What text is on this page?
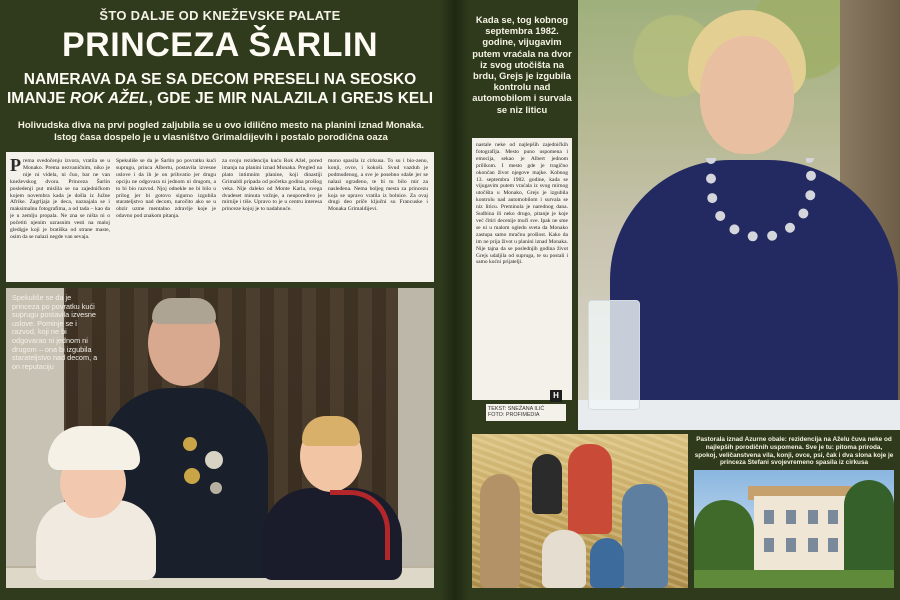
ŠTO DALJE OD KNEŽEVSKE PALATE
PRINCEZA ŠARLIN
NAMERAVA DA SE SA DECOM PRESELI NA SEOSKO
IMANJE ROK AŽEL, GDE JE MIR NALAZILA I GREJS KELI
Holivudska diva na prvi pogled zaljubila se u ovo idilično mesto na planini iznad Monaka. Istog časa dospelo je u vlasništvo Grimaldijevih i postalo porodična oaza
Prema svedočenju izvora, vratila se u Monako. Prema nezvaničnim, niko je nije ni videla, ni čuo, bar ne van kneževskog dvora. Princeza Šarlin posledenji put mislila se na zajedničkom kojem novembra kada je došla iz Južne Afrike. Zagrljaja je deca, naznajala se i maksimalnu fotografima, a od tada – kao da je u zemlju propala. Ne zna se ništa ni o početiti njenim uzrasnim vesti na maloj gledigje koji je bratiška od strane maste, osim da se nalazi negde van sevaja.
Spekuliše se da je Šarlin po povratku kući suprugu, princa Albertu, postavila izvesne uslove i da ih je on prihvatio jer drugu opciju ne odgovara ni jednom ni drugom, a to bi bio razvod. Njoj odnekle ne bi bilo u prilog jer bi gotovo sigurno izgubila starateljstvo nad decom, naročito ako se u obzir uzme mentalno zdravlje koje je odavno pod znakom pitanja.
za svoju rezidenciju kuću Rok Ažel, pored imanja na planini iznad Monaka. Pregled na plato intimnim planine, koji dinastiji Grimaldi pripada od početka godina prošlog veka. Nije daleko od Monte Karla, svega dvadeset minuta vožnje, a neuporedivo je mirnije i tiše. Upravo to je u centru interesa princeze kojoj je to nadahnuće.
mono spasila iz cirkusa. To su i bio-zeno, konji, ovce, i kokoši. Svud vazduh je podmuđenog, a sve je posebno sdaše jer se nalazi ograđeno, te bi tu bilo mir za nasleđena. Nema boljeg mesta za princezu koja se upravo vratila iz bolnice. Za ovaj drugi deo priče ključni su Francuske i Monaka Grimaldijevi.
Spekuliše se da je princeza po povratku kući suprugu postavila izvesne uslove. Pominje se i razvod, koji ne bi odgovarao ni jednom ni drugom – ona bi izgubila starateljstvo nad decom, a on reputaciju
Kada se, tog kobnog septembra 1982. godine, vijugavim putem vraćala na dvor iz svog utočišta na brdu, Grejs je izgubila kontrolu nad automobilom i survala se niz liticu
nastale neke od najlepših zajedničkih fotografija. Mesto puno uspomena i emocija, sekao je Albert jednom prilikom. I mesto gde je tragično okončan život njegove majke. Kobnog 13. septembra 1982. godine, kada se vijugavim putem vraćala iz svog mirnog utočišta u Monako, Grejs je izgubila kontrolu nad automobilom i survala se niz liticu. Preminula je narednog dana. Sudbina ili neko drugo, pitanje je koje već čitiri decenije muči sve. Ipak ne sme se ni u malom ogledu sveta da Monako zastupa samo mračnu prošlost. Kako da im ne prija život u planini iznad Monaka. Nije tajna da se poslednjih godina život Grejs udaljila od supruga, te su postali i samo kućni prijatelji.
H
TEKST: SNEŽANA ILIĆ
FOTO: PROFIMEDIA
Pastorala iznad Azurne obale: rezidencija na Aželu čuva neke od najlepših porodičnih uspomena. Sve je tu: pitoma priroda, spokoj, veličanstvena vila, konji, ovce, psi, čak i dva slona koje je princeza Stefani svojevremeno spasila iz cirkusa
